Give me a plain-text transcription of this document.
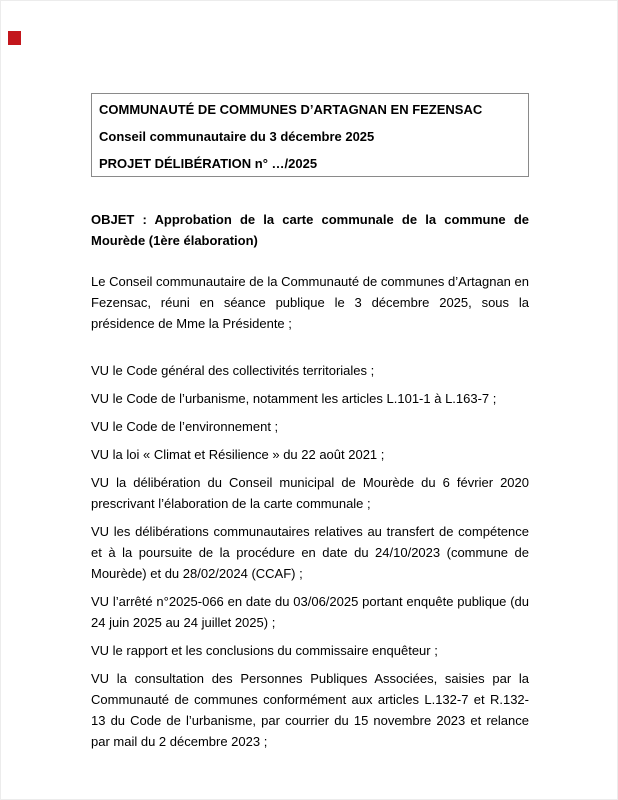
COMMUNAUTÉ DE COMMUNES D’ARTAGNAN EN FEZENSAC

Conseil communautaire du 3 décembre 2025

PROJET DÉLIBÉRATION n° …/2025

OBJET : Approbation de la carte communale de la commune de Mourède (1ère élaboration)

Le Conseil communautaire de la Communauté de communes d’Artagnan en Fezensac, réuni en séance publique le 3 décembre 2025, sous la présidence de Mme la Présidente ;

VU le Code général des collectivités territoriales ;

VU le Code de l’urbanisme, notamment les articles L.101-1 à L.163-7 ;

VU le Code de l’environnement ;

VU la loi « Climat et Résilience » du 22 août 2021 ;

VU la délibération du Conseil municipal de Mourède du 6 février 2020 prescrivant l’élaboration de la carte communale ;

VU les délibérations communautaires relatives au transfert de compétence et à la poursuite de la procédure en date du 24/10/2023 (commune de Mourède) et du 28/02/2024 (CCAF) ;

VU l’arrêté n°2025-066 en date du 03/06/2025 portant enquête publique (du 24 juin 2025 au 24 juillet 2025) ;

VU le rapport et les conclusions du commissaire enquêteur ;

VU la consultation des Personnes Publiques Associées, saisies par la Communauté de communes conformément aux articles L.132-7 et R.132-13 du Code de l’urbanisme, par courrier du 15 novembre 2023 et relance par mail du 2 décembre 2023 ;
